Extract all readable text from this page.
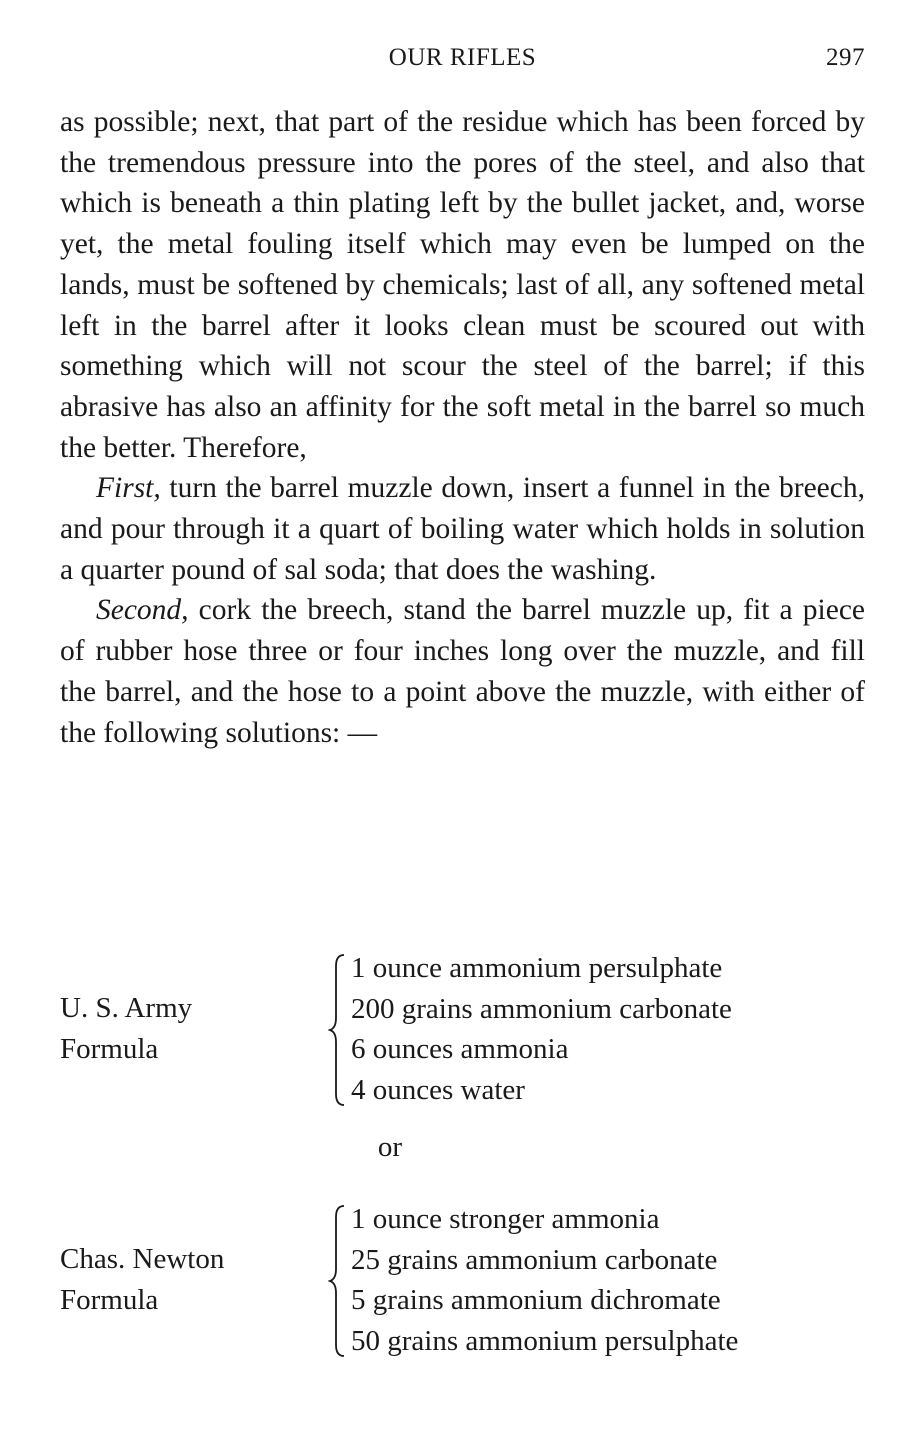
OUR RIFLES	297

as possible; next, that part of the residue which has been forced by the tremendous pressure into the pores of the steel, and also that which is beneath a thin plating left by the bullet jacket, and, worse yet, the metal fouling itself which may even be lumped on the lands, must be softened by chemicals; last of all, any softened metal left in the barrel after it looks clean must be scoured out with something which will not scour the steel of the barrel; if this abrasive has also an affinity for the soft metal in the barrel so much the better. Therefore,

First, turn the barrel muzzle down, insert a funnel in the breech, and pour through it a quart of boiling water which holds in solution a quarter pound of sal soda; that does the washing.

Second, cork the breech, stand the barrel muzzle up, fit a piece of rubber hose three or four inches long over the muzzle, and fill the barrel, and the hose to a point above the muzzle, with either of the following solutions: —

U. S. Army
Formula
1 ounce ammonium persulphate
200 grains ammonium carbonate
6 ounces ammonia
4 ounces water
or
Chas. Newton
Formula
1 ounce stronger ammonia
25 grains ammonium carbonate
5 grains ammonium dichromate
50 grains ammonium persulphate
